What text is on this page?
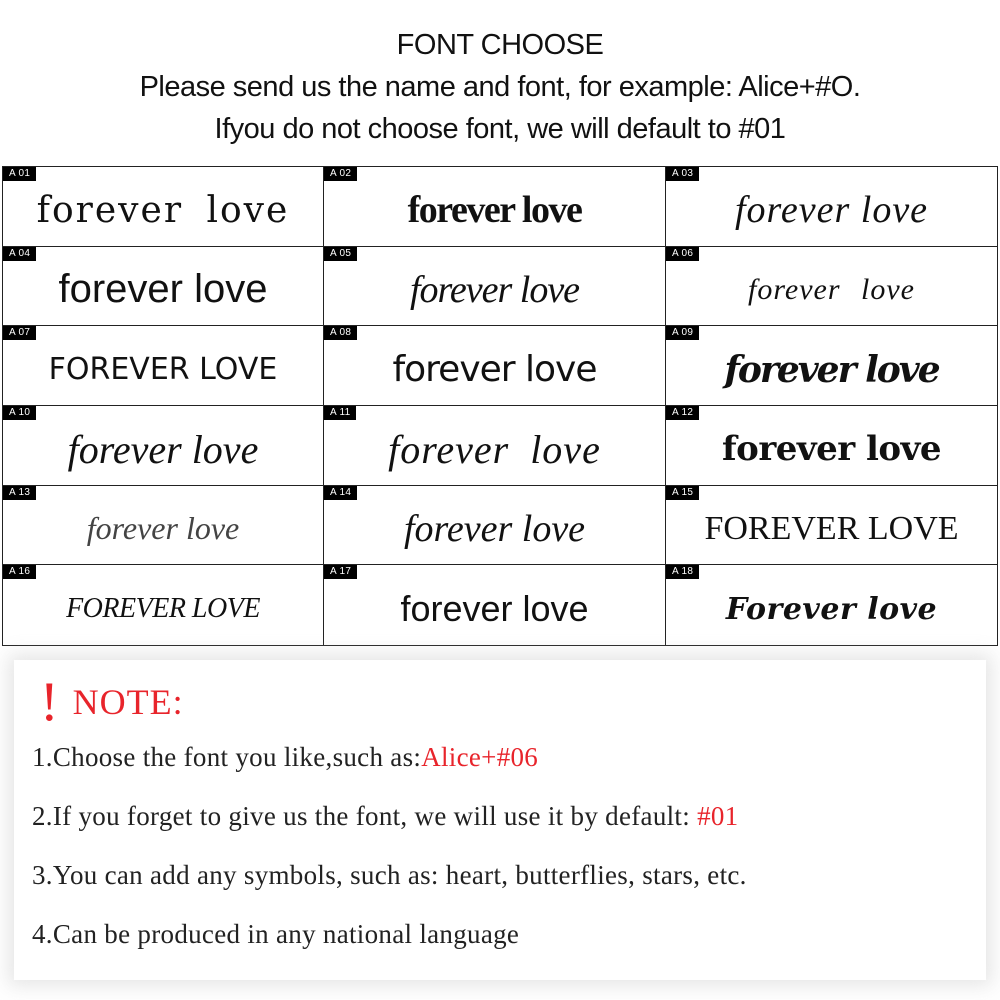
FONT CHOOSE
Please send us the name and font, for example: Alice+#O.
Ifyou do not choose font, we will default to #01
A 01
forever love
A 02
forever love
A 03
forever love
A 04
forever love
A 05
forever love
A 06
forever love
A 07
FOREVER LOVE
A 08
forever love
A 09
forever love
A 10
forever love
A 11
forever love
A 12
forever love
A 13
forever love
A 14
forever love
A 15
FOREVER LOVE
A 16
FOREVER LOVE
A 17
forever love
A 18
Forever love
! NOTE:
1.Choose the font you like,such as:Alice+#06
2.If you forget to give us the font, we will use it by default: #01
3.You can add any symbols, such as: heart, butterflies, stars, etc.
4.Can be produced in any national language
